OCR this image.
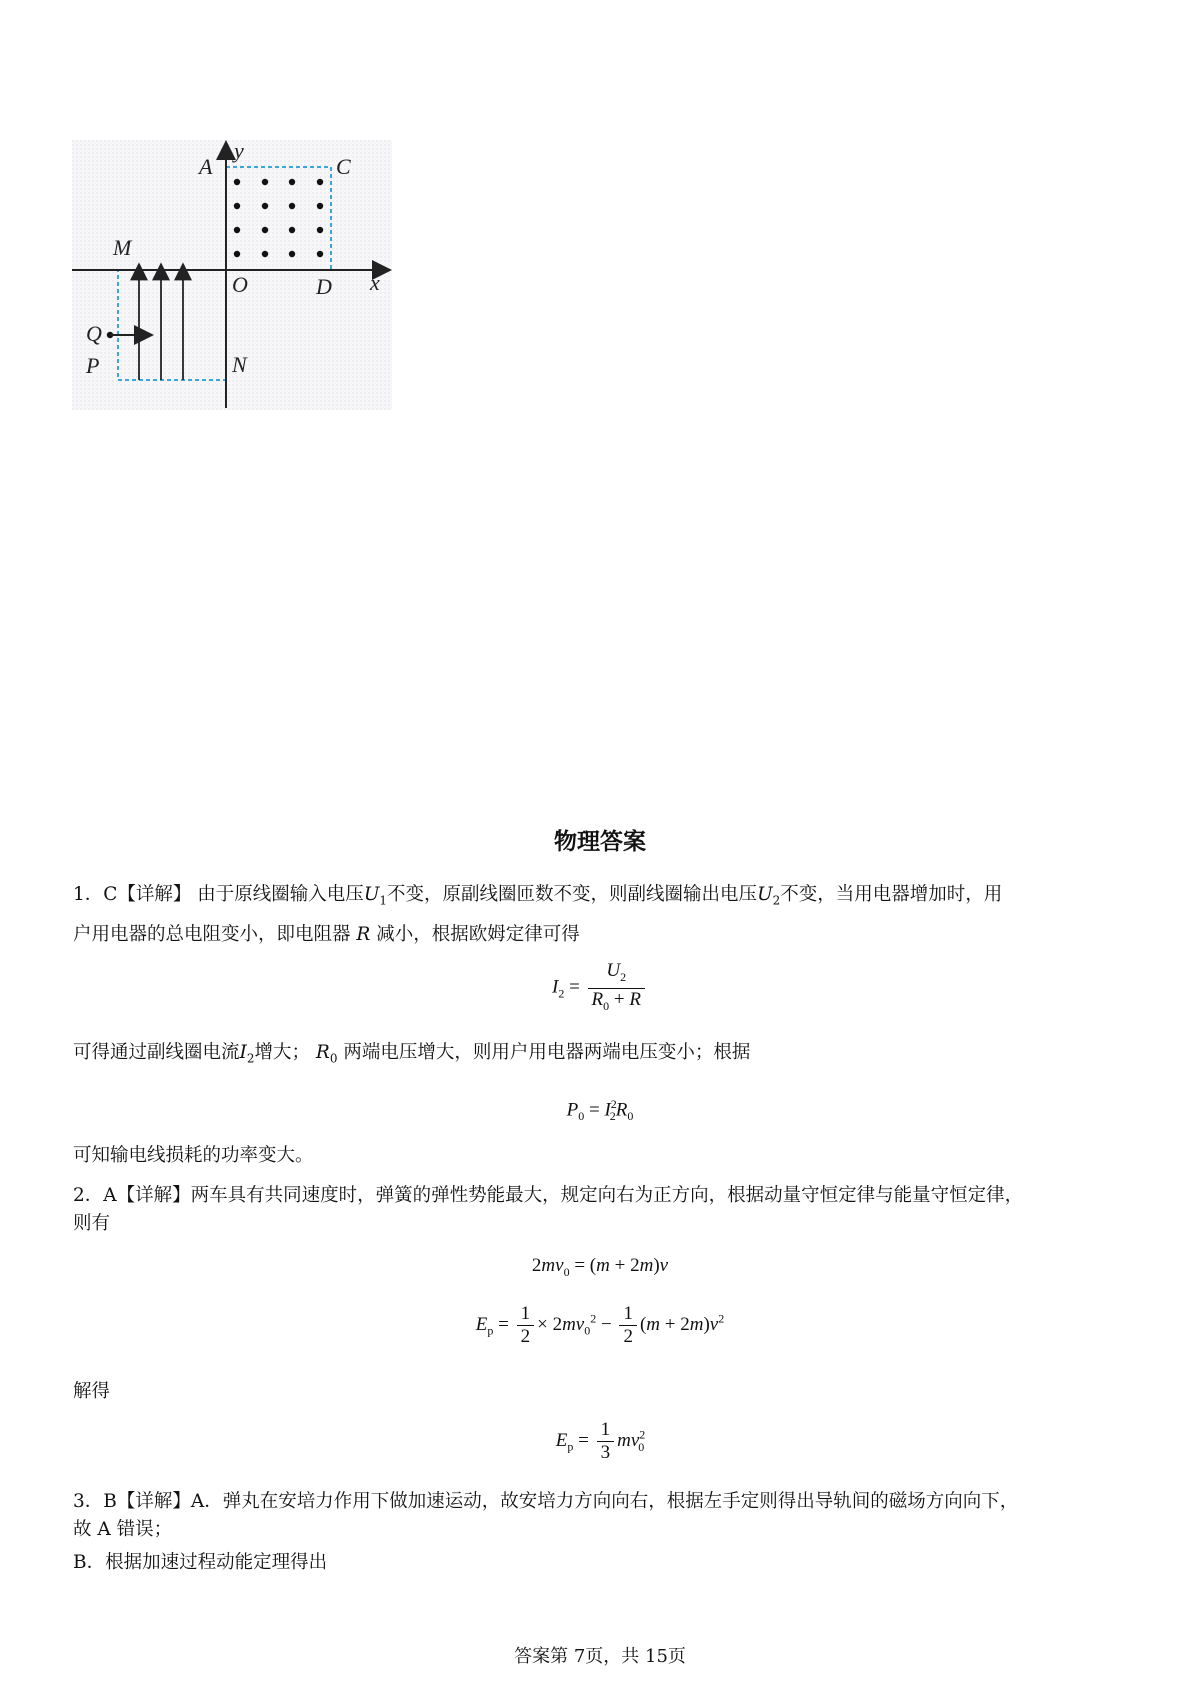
y
A	C
M
O	D x
Q
P	N
物理答案
1．C【详解】 由于原线圈输入电压$U_1$不变，原副线圈匝数不变，则副线圈输出电压$U_2$不变，当用电器增加时，用
户用电器的总电阻变小，即电阻器 R 减小，根据欧姆定律可得
$I_2 = \frac{U_2}{R_0 + R}$
可得通过副线圈电流$I_2$增大； $R_0$ 两端电压增大，则用户用电器两端电压变小；根据
$P_0 = I^2_2R_0$
可知输电线损耗的功率变大。
2．A【详解】两车具有共同速度时，弹簧的弹性势能最大，规定向右为正方向，根据动量守恒定律与能量守恒定律，
则有
$2mv_0 = (m + 2m)v$
$E_p = \frac{1}{2} \times 2mv_0^2 - \frac{1}{2} (m + 2m)v^2$
解得
$E_p = \frac{1}{3} mv^2_0$
3．B【详解】A．弹丸在安培力作用下做加速运动，故安培力方向向右，根据左手定则得出导轨间的磁场方向向下，
故 A 错误；
B．根据加速过程动能定理得出
答案第 7页，共 15页
